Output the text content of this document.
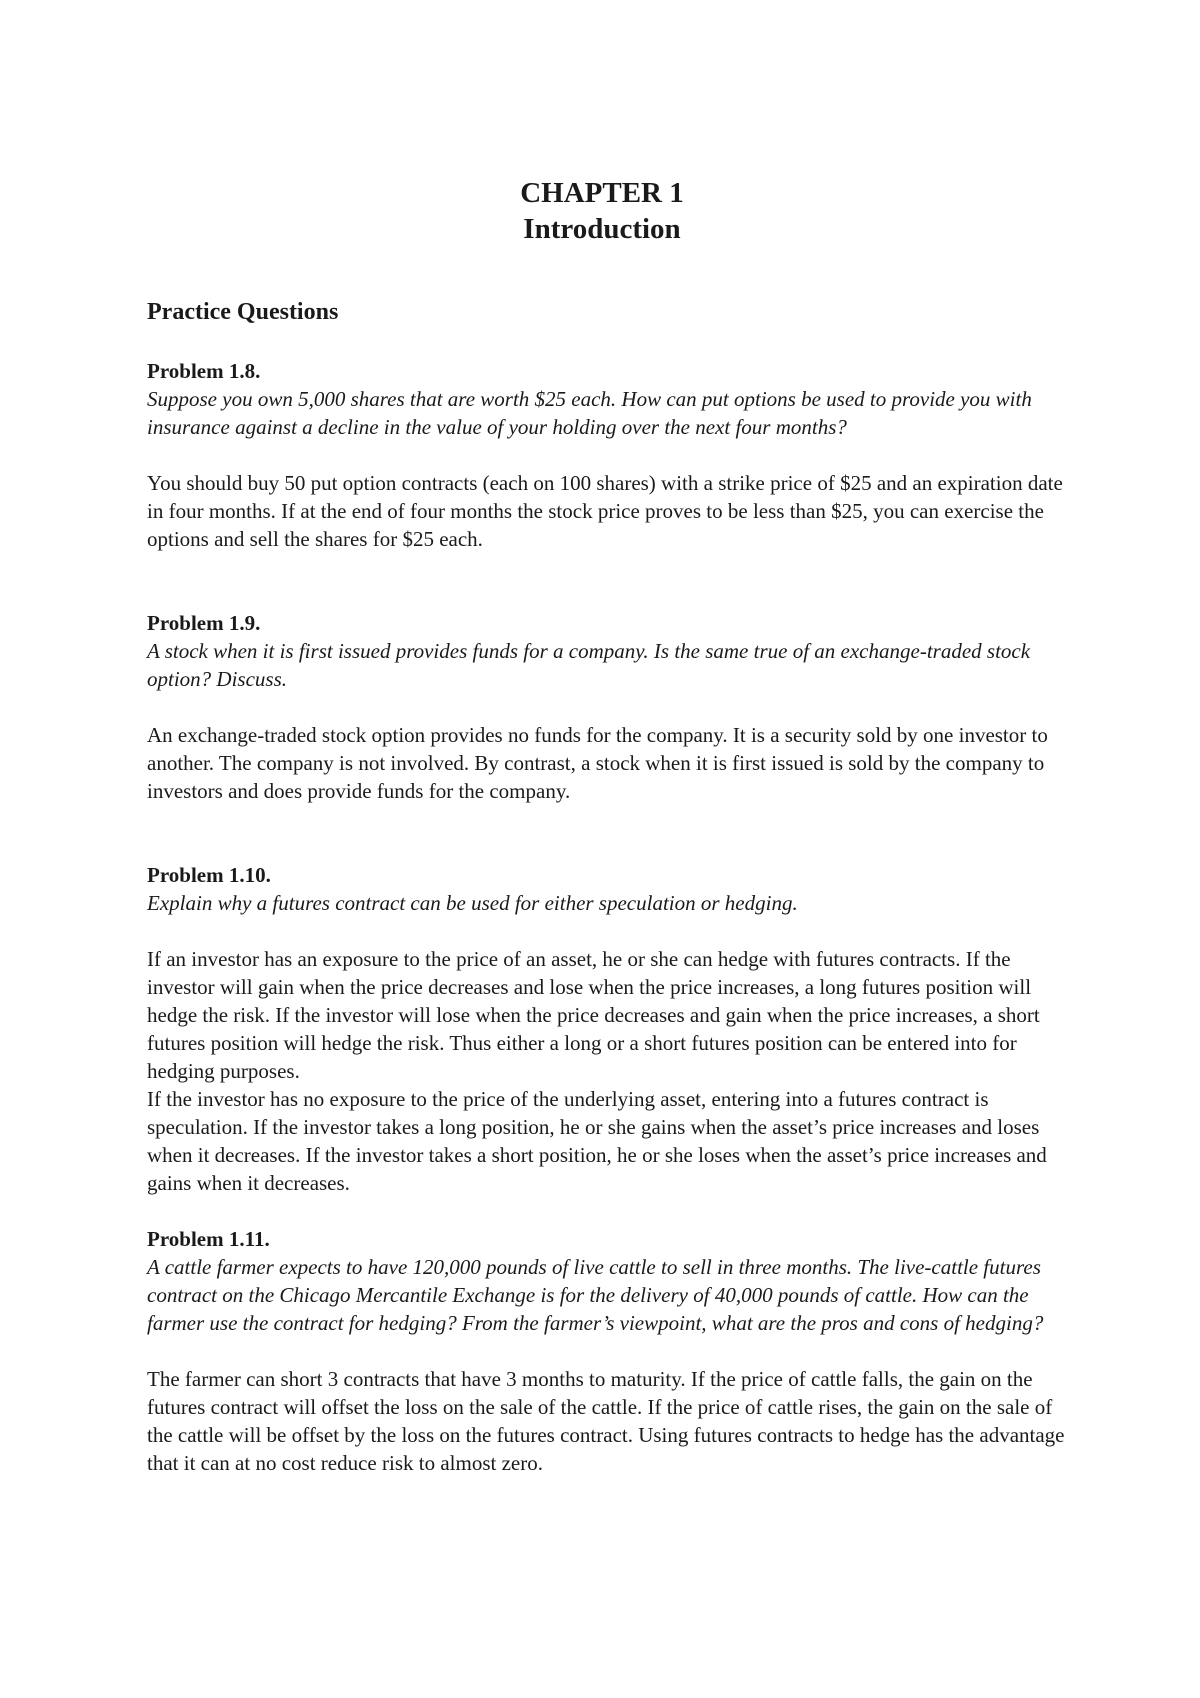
CHAPTER 1
Introduction
Practice Questions
Problem 1.8.
Suppose you own 5,000 shares that are worth $25 each. How can put options be used to provide you with insurance against a decline in the value of your holding over the next four months?

You should buy 50 put option contracts (each on 100 shares) with a strike price of $25 and an expiration date in four months. If at the end of four months the stock price proves to be less than $25, you can exercise the options and sell the shares for $25 each.

Problem 1.9.
A stock when it is first issued provides funds for a company. Is the same true of an exchange-traded stock option? Discuss.

An exchange-traded stock option provides no funds for the company. It is a security sold by one investor to another. The company is not involved. By contrast, a stock when it is first issued is sold by the company to investors and does provide funds for the company.

Problem 1.10.
Explain why a futures contract can be used for either speculation or hedging.

If an investor has an exposure to the price of an asset, he or she can hedge with futures contracts. If the investor will gain when the price decreases and lose when the price increases, a long futures position will hedge the risk. If the investor will lose when the price decreases and gain when the price increases, a short futures position will hedge the risk. Thus either a long or a short futures position can be entered into for hedging purposes.

If the investor has no exposure to the price of the underlying asset, entering into a futures contract is speculation. If the investor takes a long position, he or she gains when the asset’s price increases and loses when it decreases. If the investor takes a short position, he or she loses when the asset’s price increases and gains when it decreases.

Problem 1.11.
A cattle farmer expects to have 120,000 pounds of live cattle to sell in three months. The live-cattle futures contract on the Chicago Mercantile Exchange is for the delivery of 40,000 pounds of cattle. How can the farmer use the contract for hedging? From the farmer’s viewpoint, what are the pros and cons of hedging?

The farmer can short 3 contracts that have 3 months to maturity. If the price of cattle falls, the gain on the futures contract will offset the loss on the sale of the cattle. If the price of cattle rises, the gain on the sale of the cattle will be offset by the loss on the futures contract. Using futures contracts to hedge has the advantage that it can at no cost reduce risk to almost zero.
